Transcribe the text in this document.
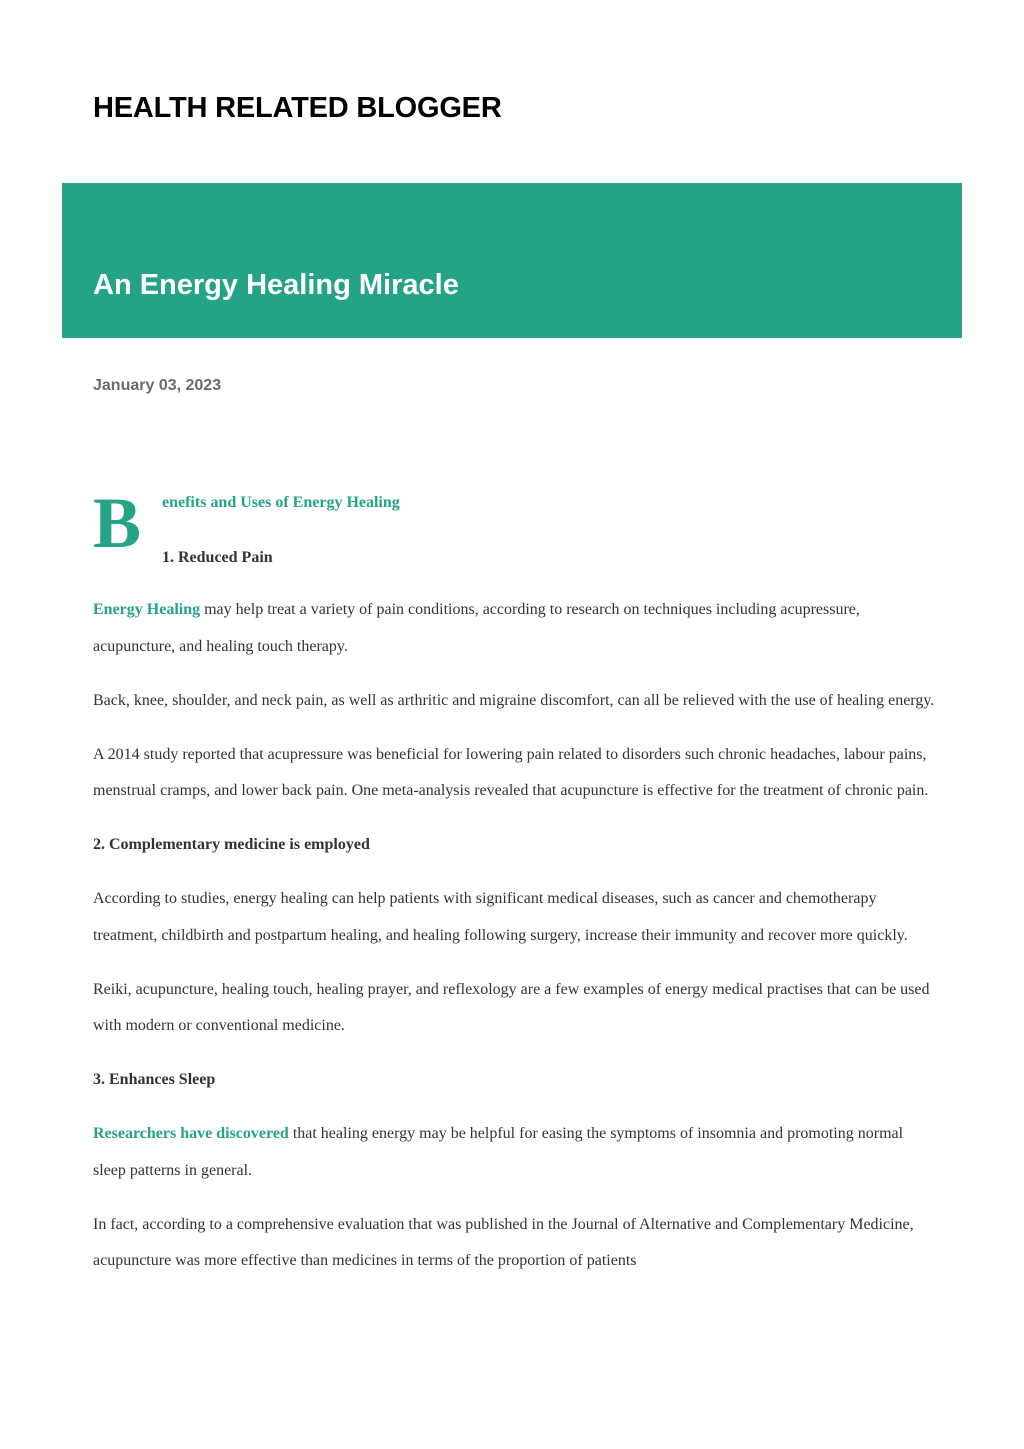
HEALTH RELATED BLOGGER
An Energy Healing Miracle
January 03, 2023
B enefits and Uses of Energy Healing
1. Reduced Pain

Energy Healing may help treat a variety of pain conditions, according to research on techniques including acupressure, acupuncture, and healing touch therapy.

Back, knee, shoulder, and neck pain, as well as arthritic and migraine discomfort, can all be relieved with the use of healing energy.

A 2014 study reported that acupressure was beneficial for lowering pain related to disorders such chronic headaches, labour pains, menstrual cramps, and lower back pain. One meta-analysis revealed that acupuncture is effective for the treatment of chronic pain.

2. Complementary medicine is employed

According to studies, energy healing can help patients with significant medical diseases, such as cancer and chemotherapy treatment, childbirth and postpartum healing, and healing following surgery, increase their immunity and recover more quickly.

Reiki, acupuncture, healing touch, healing prayer, and reflexology are a few examples of energy medical practises that can be used with modern or conventional medicine.

3. Enhances Sleep

Researchers have discovered that healing energy may be helpful for easing the symptoms of insomnia and promoting normal sleep patterns in general.

In fact, according to a comprehensive evaluation that was published in the Journal of Alternative and Complementary Medicine, acupuncture was more effective than medicines in terms of the proportion of patients
